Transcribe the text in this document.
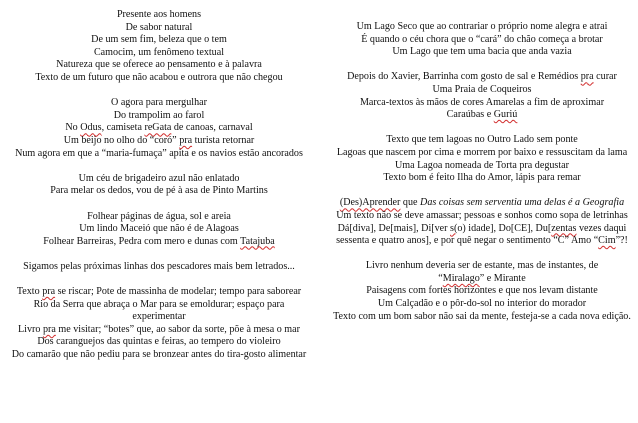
Presente aos homens
De sabor natural
De um sem fim, beleza que o tem
Camocim, um fenômeno textual
Natureza que se oferece ao pensamento e à palavra
Texto de um futuro que não acabou e outrora que não chegou
O agora para mergulhar
Do trampolim ao farol
No Odus, camiseta reGata de canoas, carnaval
Um beijo no olho do “coró” pra turista retornar
Num agora em que a “maria-fumaça” apita e os navios estão ancorados
Um céu de brigadeiro azul não enlatado
Para melar os dedos, vou de pé à asa de Pinto Martins
Folhear páginas de água, sol e areia
Um lindo Maceió que não é de Alagoas
Folhear Barreiras, Pedra com mero e dunas com Tatajuba
Sigamos pelas próximas linhas dos pescadores mais bem letrados...
Texto pra se riscar; Pote de massinha de modelar; tempo para saborear
Rio da Serra que abraça o Mar para se emoldurar; espaço para experimentar
Livro pra me visitar; “botes” que, ao sabor da sorte, põe à mesa o mar
Dos caranguejos das quintas e feiras, ao tempero do violeiro
Do camarão que não pediu para se bronzear antes do tira-gosto alimentar
Um Lago Seco que ao contrariar o próprio nome alegra e atrai
É quando o céu chora que o “cará” do chão começa a brotar
Um Lago que tem uma bacia que anda vazia
Depois do Xavier, Barrinha com gosto de sal e Remédios pra curar
Uma Praia de Coqueiros
Marca-textos às mãos de cores Amarelas a fim de aproximar
Caraúbas e Guriú
Texto que tem lagoas no Outro Lado sem ponte
Lagoas que nascem por cima e morrem por baixo e ressuscitam da lama
Uma Lagoa nomeada de Torta pra degustar
Texto bom é feito Ilha do Amor, lápis para remar
(Des)Aprender que Das coisas sem serventia uma delas é a Geografia
Um texto não se deve amassar; pessoas e sonhos como sopa de letrinhas
Dá[diva], De[mais], Di[ver s(o) idade], Do[CE], Du[zentas vezes daqui sessenta e quatro anos], e por quê negar o sentimento “C” Amo “Cim”?!
Livro nenhum deveria ser de estante, mas de instantes, de
“Miralago” e Mirante
Paisagens com fortes horizontes e que nos levam distante
Um Calçadão e o pôr-do-sol no interior do morador
Texto com um bom sabor não sai da mente, festeja-se a cada nova edição.
